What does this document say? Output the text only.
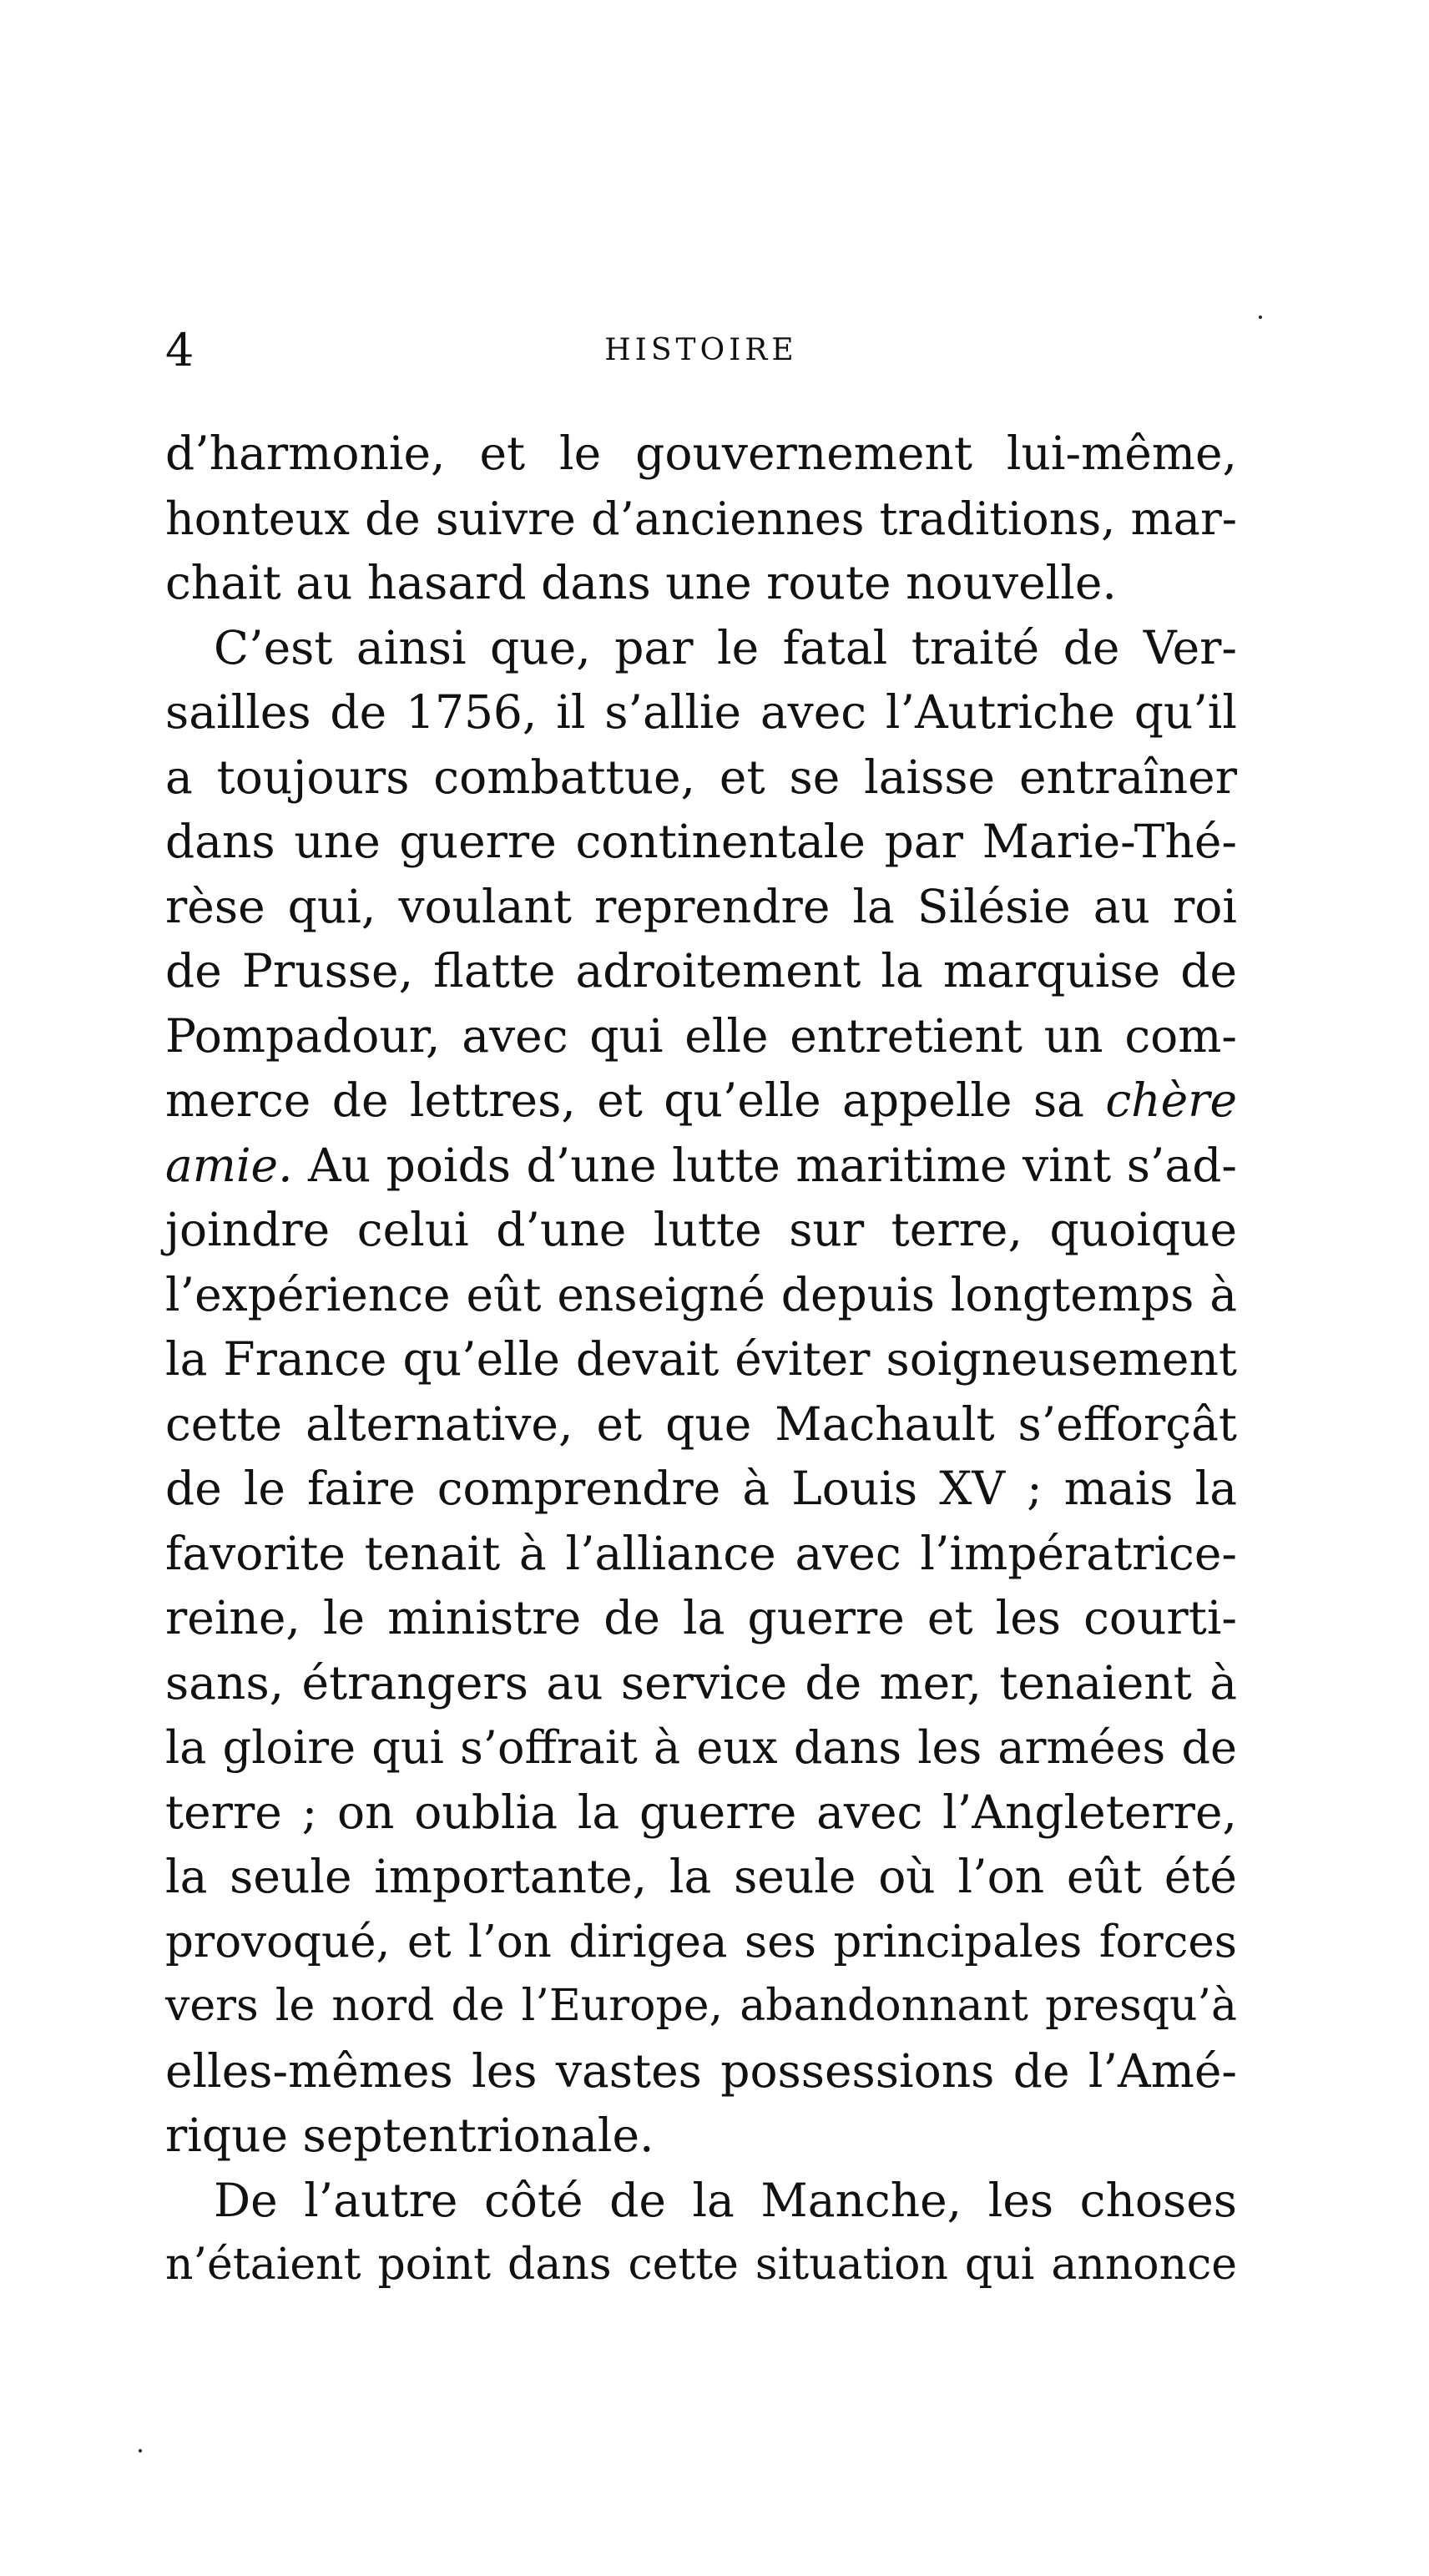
4	HISTOIRE
d’harmonie, et le gouvernement lui-même,
honteux de suivre d’anciennes traditions, mar-
chait au hasard dans une route nouvelle.
C’est ainsi que, par le fatal traité de Ver-
sailles de 1756, il s’allie avec l’Autriche qu’il
a toujours combattue, et se laisse entraîner
dans une guerre continentale par Marie-Thé-
rèse qui, voulant reprendre la Silésie au roi
de Prusse, flatte adroitement la marquise de
Pompadour, avec qui elle entretient un com-
merce de lettres, et qu’elle appelle sa chère
amie. Au poids d’une lutte maritime vint s’ad-
joindre celui d’une lutte sur terre, quoique
l’expérience eût enseigné depuis longtemps à
la France qu’elle devait éviter soigneusement
cette alternative, et que Machault s’efforçât
de le faire comprendre à Louis XV ; mais la
favorite tenait à l’alliance avec l’impératrice-
reine, le ministre de la guerre et les courti-
sans, étrangers au service de mer, tenaient à
la gloire qui s’offrait à eux dans les armées de
terre ; on oublia la guerre avec l’Angleterre,
la seule importante, la seule où l’on eût été
provoqué, et l’on dirigea ses principales forces
vers le nord de l’Europe, abandonnant presqu’à
elles-mêmes les vastes possessions de l’Amé-
rique septentrionale.
De l’autre côté de la Manche, les choses
n’étaient point dans cette situation qui annonce
